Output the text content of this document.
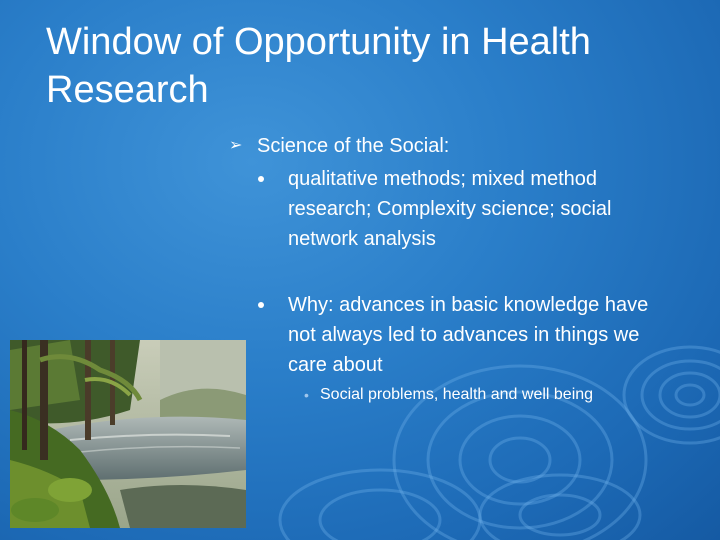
Window of Opportunity in Health Research
➢ Science of the Social:
qualitative methods; mixed method research; Complexity science; social network analysis
Why: advances in basic knowledge have not always led to advances in things we care about
• Social problems, health and well being
